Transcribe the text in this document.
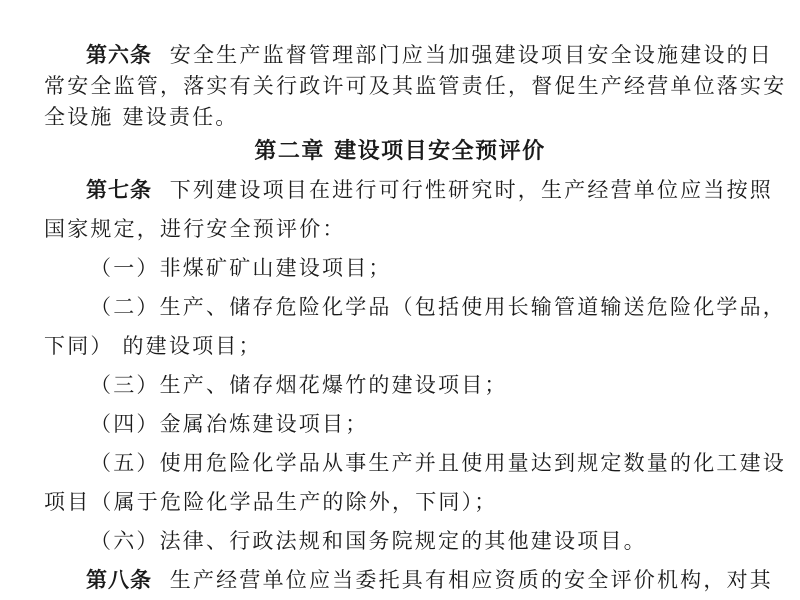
第六条 安全生产监督管理部门应当加强建设项目安全设施建设的日

常安全监管，落实有关行政许可及其监管责任，督促生产经营单位落实安

全设施 建设责任。

第二章 建设项目安全预评价

第七条 下列建设项目在进行可行性研究时，生产经营单位应当按照

国家规定，进行安全预评价：

（一）非煤矿矿山建设项目；

（二）生产、储存危险化学品（包括使用长输管道输送危险化学品，

下同） 的建设项目；

（三）生产、储存烟花爆竹的建设项目；

（四）金属冶炼建设项目；

（五）使用危险化学品从事生产并且使用量达到规定数量的化工建设

项目（属于危险化学品生产的除外，下同）；

（六）法律、行政法规和国务院规定的其他建设项目。

第八条 生产经营单位应当委托具有相应资质的安全评价机构，对其
